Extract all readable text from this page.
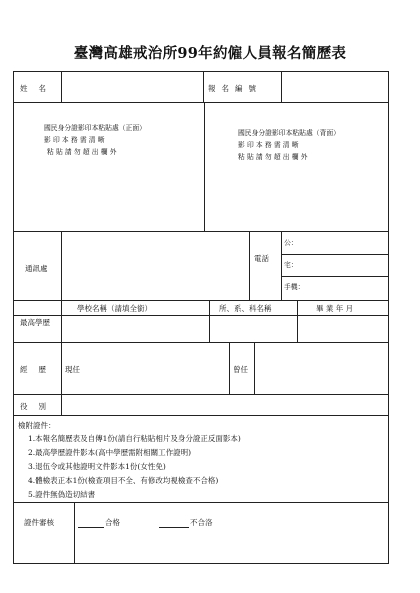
臺灣高雄戒治所99年約僱人員報名簡歷表
姓名	報名編號
國民身分證影印本粘貼處（正面）
影 印 本 務 需 清 晰
粘 貼 請 勿 超 出 欄 外
國民身分證影印本粘貼處（背面）
影 印 本 務 需 清 晰
粘 貼 請 勿 超 出 欄 外
通訊處
電話
公：
宅：
手機：
學校名稱（請填全銜）	所、系、科名稱	畢 業 年 月
最高學歷
經歷 現任	曾任
役別
檢附證件：
1.本報名簡歷表及自傳1份(請自行粘貼相片及身分證正反面影本)
2.最高學歷證件影本(高中學歷需附相關工作證明)
3.退伍令或其他證明文件影本1份(女性免)
4.體檢表正本1份(檢查項目不全、有修改均視檢查不合格)
5.證件無偽造切結書
證件審核	合格	不合洛
